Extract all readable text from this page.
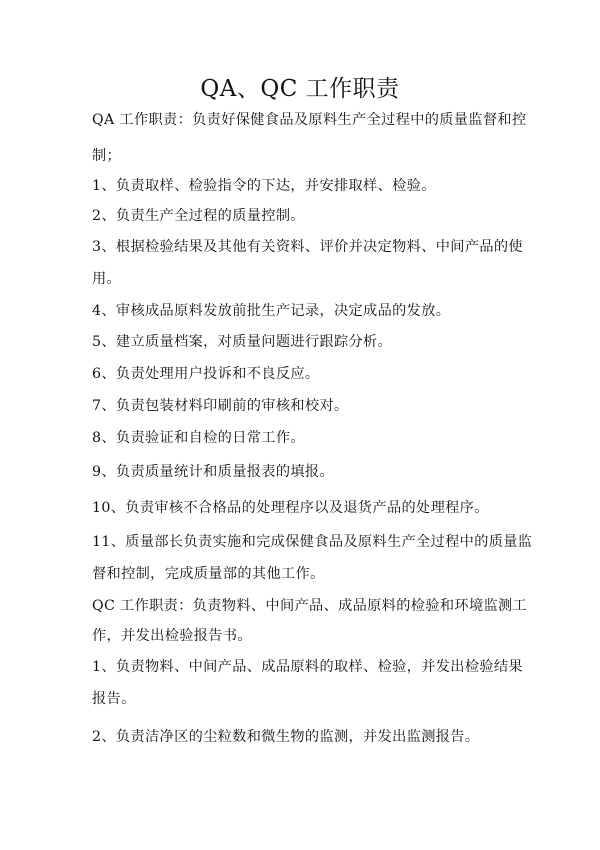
QA、QC 工作职责
QA 工作职责：负责好保健食品及原料生产全过程中的质量监督和控
制；
1、负责取样、检验指令的下达，并安排取样、检验。
2、负责生产全过程的质量控制。
3、根据检验结果及其他有关资料、评价并决定物料、中间产品的使
用。
4、审核成品原料发放前批生产记录，决定成品的发放。
5、建立质量档案，对质量问题进行跟踪分析。
6、负责处理用户投诉和不良反应。
7、负责包装材料印刷前的审核和校对。
8、负责验证和自检的日常工作。
9、负责质量统计和质量报表的填报。
10、负责审核不合格品的处理程序以及退货产品的处理程序。
11、质量部长负责实施和完成保健食品及原料生产全过程中的质量监
督和控制，完成质量部的其他工作。
QC 工作职责：负责物料、中间产品、成品原料的检验和环境监测工
作，并发出检验报告书。
1、负责物料、中间产品、成品原料的取样、检验，并发出检验结果
报告。
2、负责洁净区的尘粒数和微生物的监测，并发出监测报告。
